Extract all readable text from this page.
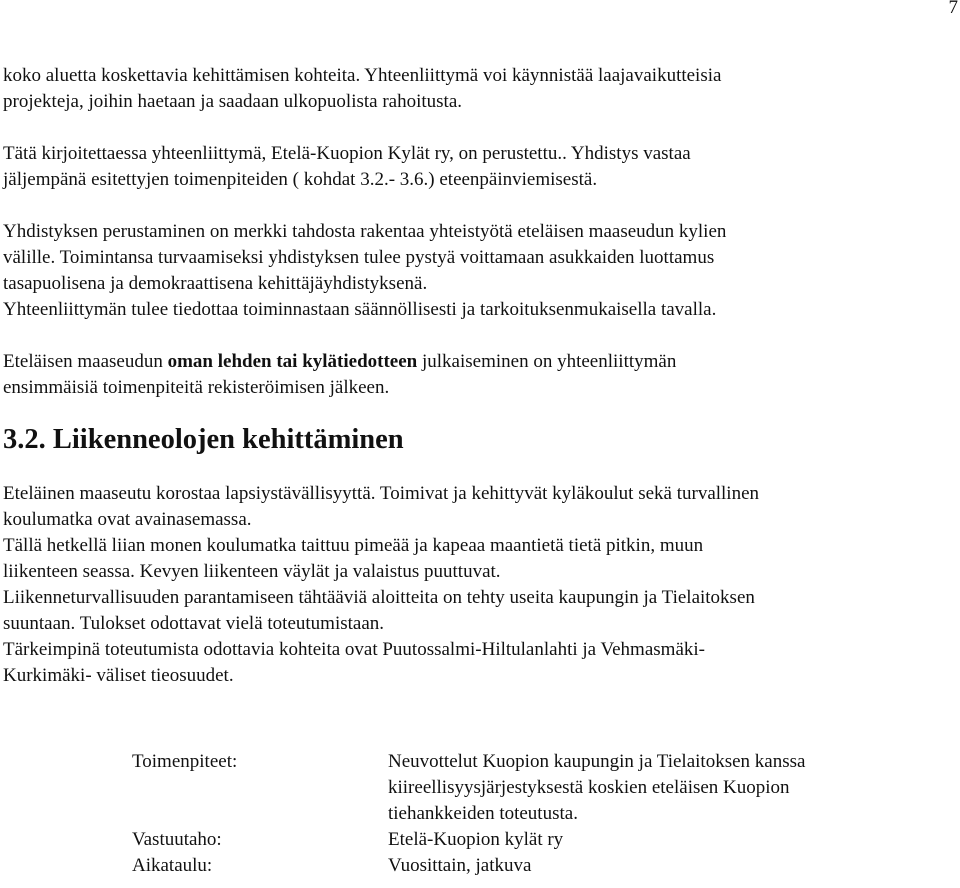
7

koko aluetta koskettavia kehittämisen kohteita. Yhteenliittymä voi käynnistää laajavaikutteisia
projekteja, joihin haetaan ja saadaan ulkopuolista rahoitusta.

Tätä kirjoitettaessa yhteenliittymä, Etelä-Kuopion Kylät ry, on perustettu.. Yhdistys vastaa
jäljempänä esitettyjen toimenpiteiden ( kohdat 3.2.- 3.6.) eteenpäinviemisestä.

Yhdistyksen perustaminen on merkki tahdosta rakentaa yhteistyötä eteläisen maaseudun kylien
välille. Toimintansa turvaamiseksi yhdistyksen tulee pystyä voittamaan asukkaiden luottamus
tasapuolisena ja demokraattisena kehittäjäyhdistyksenä.
Yhteenliittymän tulee tiedottaa toiminnastaan säännöllisesti ja tarkoituksenmukaisella tavalla.

Eteläisen maaseudun oman lehden tai kylätiedotteen julkaiseminen on yhteenliittymän
ensimmäisiä toimenpiteitä rekisteröimisen jälkeen.

3.2. Liikenneolojen kehittäminen

Eteläinen maaseutu korostaa lapsiystävällisyyttä. Toimivat ja kehittyvät kyläkoulut sekä turvallinen
koulumatka ovat avainasemassa.
Tällä hetkellä liian monen koulumatka taittuu pimeää ja kapeaa maantietä tietä pitkin, muun
liikenteen seassa. Kevyen liikenteen väylät ja valaistus puuttuvat.
Liikenneturvallisuuden parantamiseen tähtääviä aloitteita on tehty useita kaupungin ja Tielaitoksen
suuntaan. Tulokset odottavat vielä toteutumistaan.
Tärkeimpinä toteutumista odottavia kohteita ovat Puutossalmi-Hiltulanlahti ja Vehmasmäki-
Kurkimäki- väliset tieosuudet.

Toimenpiteet:	Neuvottelut Kuopion kaupungin ja Tielaitoksen kanssa
kiireellisyysjärjestyksestä koskien eteläisen Kuopion
tiehankkeiden toteutusta.
Vastuutaho:	Etelä-Kuopion kylät ry
Aikataulu:	Vuosittain, jatkuva
